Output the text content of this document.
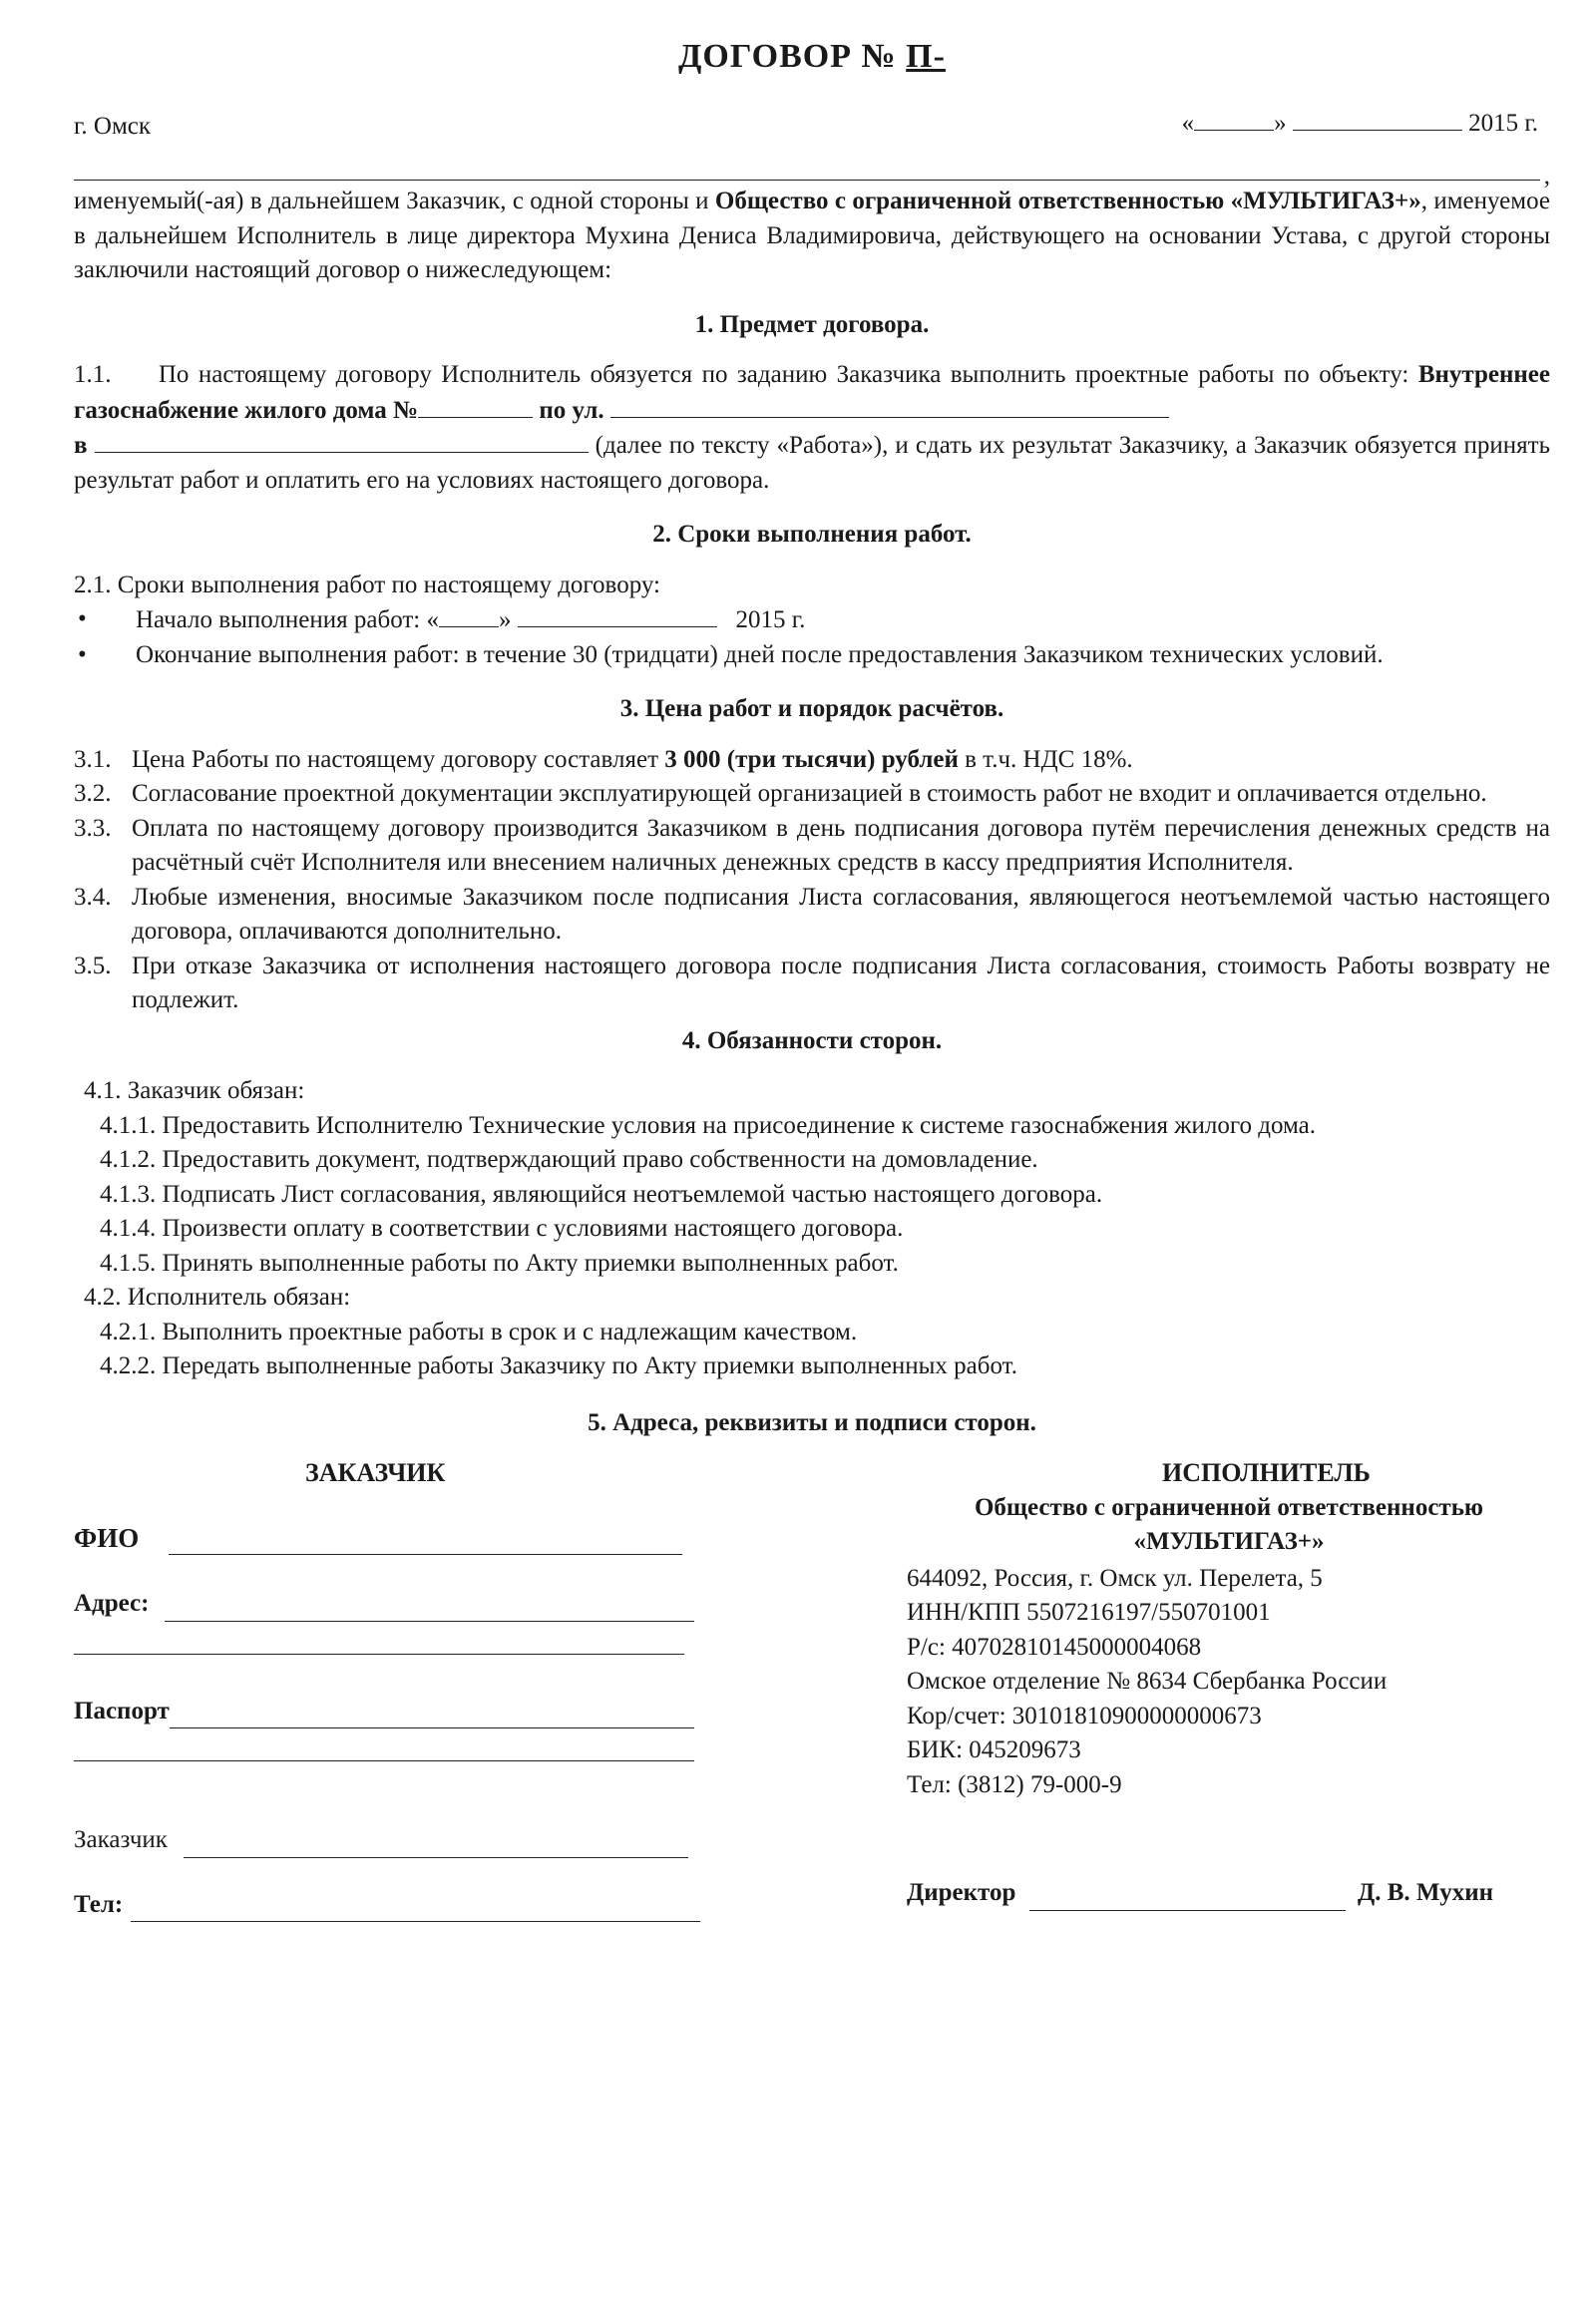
ДОГОВОР № П-
г. Омск	«	»	2015 г.
,

именуемый(-ая) в дальнейшем Заказчик, с одной стороны и Общество с ограниченной ответственностью «МУЛЬТИГАЗ+», именуемое в дальнейшем Исполнитель в лице директора Мухина Дениса Владимировича, действующего на основании Устава, с другой стороны заключили настоящий договор о нижеследующем:

1. Предмет договора.

1.1. По настоящему договору Исполнитель обязуется по заданию Заказчика выполнить проектные работы по объекту: Внутреннее газоснабжение жилого дома №	по ул.
в	(далее по тексту «Работа»), и сдать их результат Заказчику, а Заказчик обязуется принять результат работ и оплатить его на условиях настоящего договора.

2. Сроки выполнения работ.

2.1. Сроки выполнения работ по настоящему договору:

•	Начало выполнения работ: « »	2015 г.
•	Окончание выполнения работ: в течение 30 (тридцати) дней после предоставления Заказчиком технических условий.
3. Цена работ и порядок расчётов.
3.1. Цена Работы по настоящему договору составляет 3 000 (три тысячи) рублей в т.ч. НДС 18%.
3.2. Согласование проектной документации эксплуатирующей организацией в стоимость работ не входит и оплачивается отдельно.
3.3. Оплата по настоящему договору производится Заказчиком в день подписания договора путём перечисления денежных средств на расчётный счёт Исполнителя или внесением наличных денежных средств в кассу предприятия Исполнителя.
3.4. Любые изменения, вносимые Заказчиком после подписания Листа согласования, являющегося неотъемлемой частью настоящего договора, оплачиваются дополнительно.
3.5. При отказе Заказчика от исполнения настоящего договора после подписания Листа согласования, стоимость Работы возврату не подлежит.
4. Обязанности сторон.
4.1. Заказчик обязан:
4.1.1. Предоставить Исполнителю Технические условия на присоединение к системе газоснабжения жилого дома.
4.1.2. Предоставить документ, подтверждающий право собственности на домовладение.
4.1.3. Подписать Лист согласования, являющийся неотъемлемой частью настоящего договора.
4.1.4. Произвести оплату в соответствии с условиями настоящего договора.
4.1.5. Принять выполненные работы по Акту приемки выполненных работ.
4.2. Исполнитель обязан:
4.2.1. Выполнить проектные работы в срок и с надлежащим качеством.
4.2.2. Передать выполненные работы Заказчику по Акту приемки выполненных работ.
5. Адреса, реквизиты и подписи сторон.
ЗАКАЗЧИК
ФИО
Адрес:
Паспорт
Заказчик
Тел:
ИСПОЛНИТЕЛЬ
Общество с ограниченной ответственностью
«МУЛЬТИГАЗ+»
644092, Россия, г. Омск ул. Перелета, 5
ИНН/КПП 5507216197/550701001
Р/с: 40702810145000004068
Омское отделение № 8634 Сбербанка России
Кор/счет: 30101810900000000673
БИК: 045209673
Тел: (3812) 79-000-9
Директор	Д. В. Мухин
